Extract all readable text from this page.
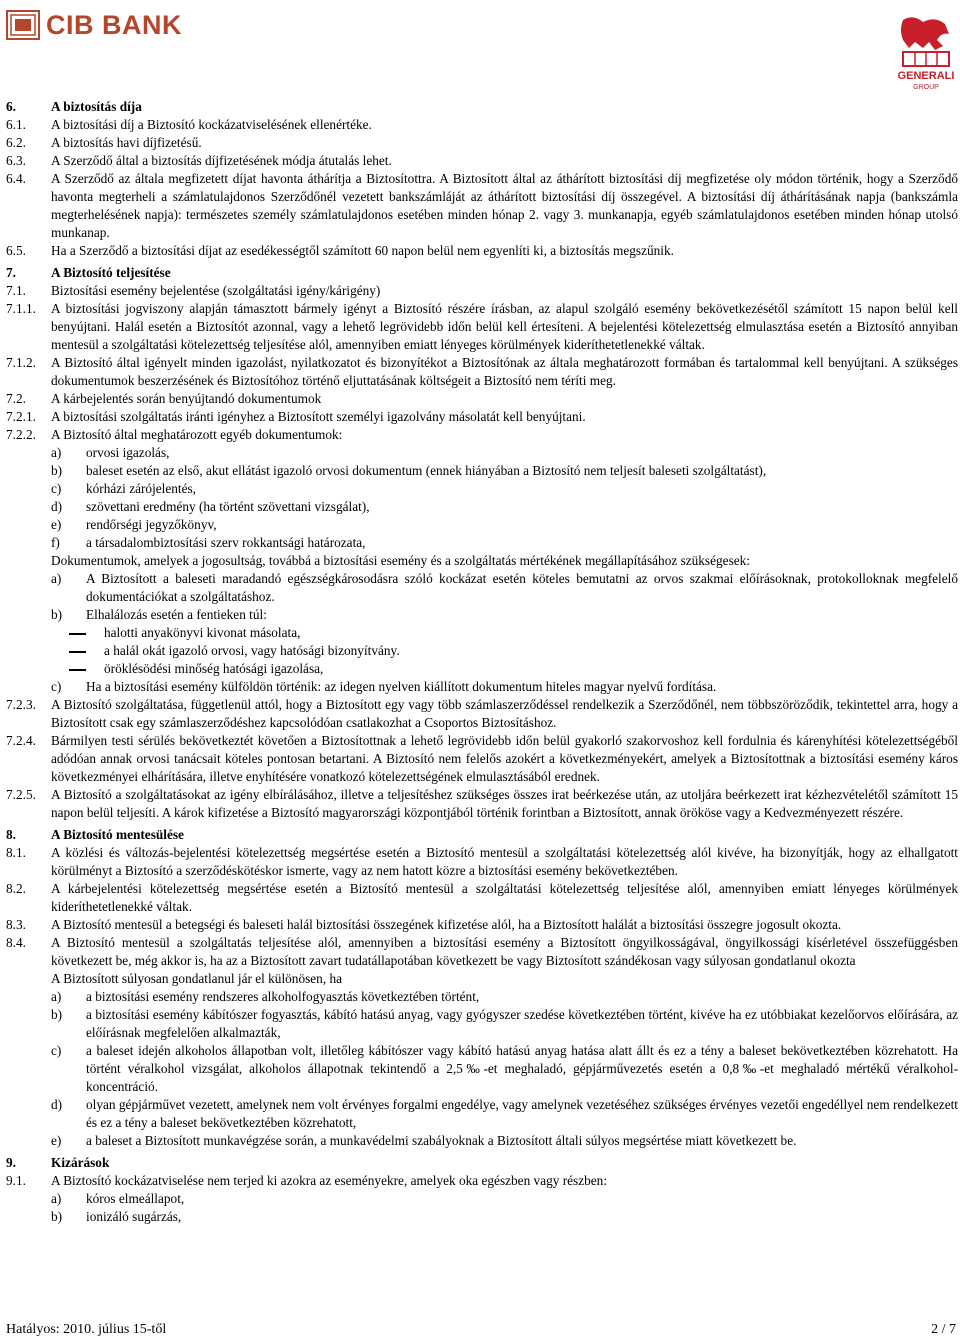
CIB BANK
GENERALI
GROUP
6.	A biztosítás díja
6.1.	A biztosítási díj a Biztosító kockázatviselésének ellenértéke.
6.2.	A biztosítás havi díjfizetésű.
6.3.	A Szerződő által a biztosítás díjfizetésének módja átutalás lehet.
6.4.	A Szerződő az általa megfizetett díjat havonta áthárítja a Biztosítottra. A Biztosított által az áthárított biztosítási díj megfizetése oly módon történik, hogy a Szerződő havonta megterheli a számlatulajdonos Szerződőnél vezetett bankszámláját az áthárított biztosítási díj összegével. A biztosítási díj áthárításának napja (bankszámla megterhelésének napja): természetes személy számlatulajdonos esetében minden hónap 2. vagy 3. munkanapja, egyéb számlatulajdonos esetében minden hónap utolsó munkanap.
6.5.	Ha a Szerződő a biztosítási díjat az esedékességtől számított 60 napon belül nem egyenlíti ki, a biztosítás megszűnik.
7.	A Biztosító teljesítése
7.1.	Biztosítási esemény bejelentése (szolgáltatási igény/kárigény)
7.1.1.	A biztosítási jogviszony alapján támasztott bármely igényt a Biztosító részére írásban, az alapul szolgáló esemény bekövetkezésétől számított 15 napon belül kell benyújtani. Halál esetén a Biztosítót azonnal, vagy a lehető legrövidebb időn belül kell értesíteni. A bejelentési kötelezettség elmulasztása esetén a Biztosító annyiban mentesül a szolgáltatási kötelezettség teljesítése alól, amennyiben emiatt lényeges körülmények kideríthetetlenekké váltak.
7.1.2.	A Biztosító által igényelt minden igazolást, nyilatkozatot és bizonyítékot a Biztosítónak az általa meghatározott formában és tartalommal kell benyújtani. A szükséges dokumentumok beszerzésének és Biztosítóhoz történő eljuttatásának költségeit a Biztosító nem téríti meg.
7.2.	A kárbejelentés során benyújtandó dokumentumok
7.2.1.	A biztosítási szolgáltatás iránti igényhez a Biztosított személyi igazolvány másolatát kell benyújtani.
7.2.2.	A Biztosító által meghatározott egyéb dokumentumok:
a)	orvosi igazolás,
b)	baleset esetén az első, akut ellátást igazoló orvosi dokumentum (ennek hiányában a Biztosító nem teljesít baleseti szolgáltatást),
c)	kórházi zárójelentés,
d)	szövettani eredmény (ha történt szövettani vizsgálat),
e)	rendőrségi jegyzőkönyv,
f)	a társadalombiztosítási szerv rokkantsági határozata,
Dokumentumok, amelyek a jogosultság, továbbá a biztosítási esemény és a szolgáltatás mértékének megállapításához szükségesek:
a)	A Biztosított a baleseti maradandó egészségkárosodásra szóló kockázat esetén köteles bemutatni az orvos szakmai előírásoknak, protokolloknak megfelelő dokumentációkat a szolgáltatáshoz.
b)	Elhalálozás esetén a fentieken túl:
halotti anyakönyvi kivonat másolata,
a halál okát igazoló orvosi, vagy hatósági bizonyítvány.
öröklésödési minőség hatósági igazolása,
c)	Ha a biztosítási esemény külföldön történik: az idegen nyelven kiállított dokumentum hiteles magyar nyelvű fordítása.
7.2.3.	A Biztosító szolgáltatása, függetlenül attól, hogy a Biztosított egy vagy több számlaszerződéssel rendelkezik a Szerződőnél, nem többszöröződik, tekintettel arra, hogy a Biztosított csak egy számlaszerződéshez kapcsolódóan csatlakozhat a Csoportos Biztosításhoz.
7.2.4.	Bármilyen testi sérülés bekövetkeztét követően a Biztosítottnak a lehető legrövidebb időn belül gyakorló szakorvoshoz kell fordulnia és kárenyhítési kötelezettségéből adódóan annak orvosi tanácsait köteles pontosan betartani. A Biztosító nem felelős azokért a következményekért, amelyek a Biztosítottnak a biztosítási esemény káros következményei elhárítására, illetve enyhítésére vonatkozó kötelezettségének elmulasztásából erednek.
7.2.5.	A Biztosító a szolgáltatásokat az igény elbírálásához, illetve a teljesítéshez szükséges összes irat beérkezése után, az utoljára beérkezett irat kézhezvételétől számított 15 napon belül teljesíti. A károk kifizetése a Biztosító magyarországi központjából történik forintban a Biztosított, annak örököse vagy a Kedvezményezett részére.
8.	A Biztosító mentesülése
8.1.	A közlési és változás-bejelentési kötelezettség megsértése esetén a Biztosító mentesül a szolgáltatási kötelezettség alól kivéve, ha bizonyítják, hogy az elhallgatott körülményt a Biztosító a szerződéskötéskor ismerte, vagy az nem hatott közre a biztosítási esemény bekövetkeztében.
8.2.	A kárbejelentési kötelezettség megsértése esetén a Biztosító mentesül a szolgáltatási kötelezettség teljesítése alól, amennyiben emiatt lényeges körülmények kideríthetetlenekké váltak.
8.3.	A Biztosító mentesül a betegségi és baleseti halál biztosítási összegének kifizetése alól, ha a Biztosított halálát a biztosítási összegre jogosult okozta.
8.4.	A Biztosító mentesül a szolgáltatás teljesítése alól, amennyiben a biztosítási esemény a Biztosított öngyilkosságával, öngyilkossági kísérletével összefüggésben következett be, még akkor is, ha az a Biztosított zavart tudatállapotában következett be vagy Biztosított szándékosan vagy súlyosan gondatlanul okozta
A Biztosított súlyosan gondatlanul jár el különösen, ha
a)	a biztosítási esemény rendszeres alkoholfogyasztás következtében történt,
b)	a biztosítási esemény kábítószer fogyasztás, kábító hatású anyag, vagy gyógyszer szedése következtében történt, kivéve ha ez utóbbiakat kezelőorvos előírására, az előírásnak megfelelően alkalmazták,
c)	a baleset idején alkoholos állapotban volt, illetőleg kábítószer vagy kábító hatású anyag hatása alatt állt és ez a tény a baleset bekövetkeztében közrehatott. Ha történt véralkohol vizsgálat, alkoholos állapotnak tekintendő a 2,5‰-et meghaladó, gépjárművezetés esetén a 0,8‰-et meghaladó mértékű véralkohol-koncentráció.
d)	olyan gépjárművet vezetett, amelynek nem volt érvényes forgalmi engedélye, vagy amelynek vezetéséhez szükséges érvényes vezetői engedéllyel nem rendelkezett és ez a tény a baleset bekövetkeztében közrehatott,
e)	a baleset a Biztosított munkavégzése során, a munkavédelmi szabályoknak a Biztosított általi súlyos megsértése miatt következett be.
9.	Kizárások
9.1.	A Biztosító kockázatviselése nem terjed ki azokra az eseményekre, amelyek oka egészben vagy részben:
a)	kóros elmeállapot,
b)	ionizáló sugárzás,
Hatályos: 2010. július 15-től	2 / 7
